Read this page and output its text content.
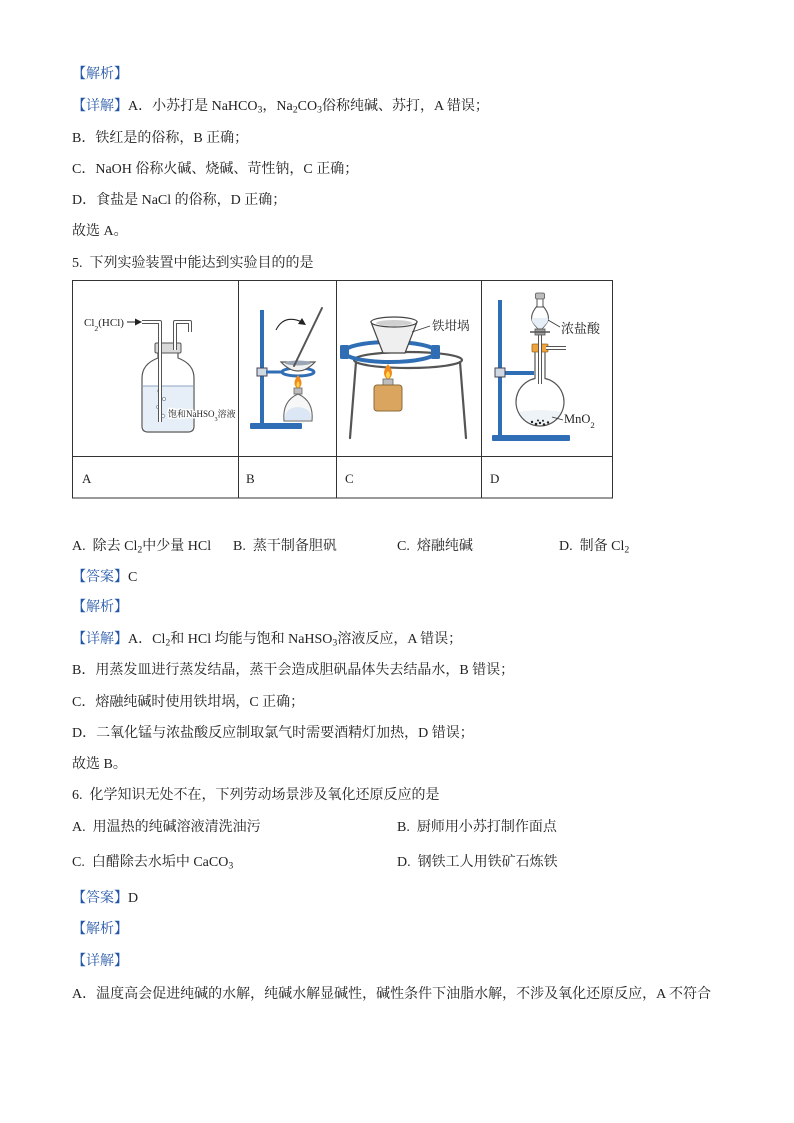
【解析】
【详解】A．小苏打是 NaHCO$_3$，$Na_2CO_3$俗称纯碱、苏打，A 错误；
B．铁红是的俗称，B 正确；
C．NaOH 俗称火碱、烧碱、苛性钠，C 正确；
D．食盐是 NaCl 的俗称，D 正确；
故选 A。
5. 下列实验装置中能达到实验目的的是
$Cl_2(HCl)$
饱和NaHSO$_3$溶液
铁坩埚	浓盐酸
MnO$_2$
A	B	C	D
A. 除去 $Cl_2$中少量 HCl B. 蒸干制备胆矾	C. 熔融纯碱	D. 制备 $Cl_2$
【答案】C
【解析】
【详解】A．$Cl_2$和 HCl 均能与饱和 NaHSO$_3$溶液反应，A 错误；
B．用蒸发皿进行蒸发结晶，蒸干会造成胆矾晶体失去结晶水，B 错误；
C．熔融纯碱时使用铁坩埚，C 正确；
D．二氧化锰与浓盐酸反应制取氯气时需要酒精灯加热，D 错误；
故选 B。
6. 化学知识无处不在，下列劳动场景涉及氧化还原反应的是
A. 用温热的纯碱溶液清洗油污	B. 厨师用小苏打制作面点
C. 白醋除去水垢中 CaCO$_3$	D. 钢铁工人用铁矿石炼铁
【答案】D
【解析】
【详解】
A．温度高会促进纯碱的水解，纯碱水解显碱性，碱性条件下油脂水解，不涉及氧化还原反应，A 不符合
